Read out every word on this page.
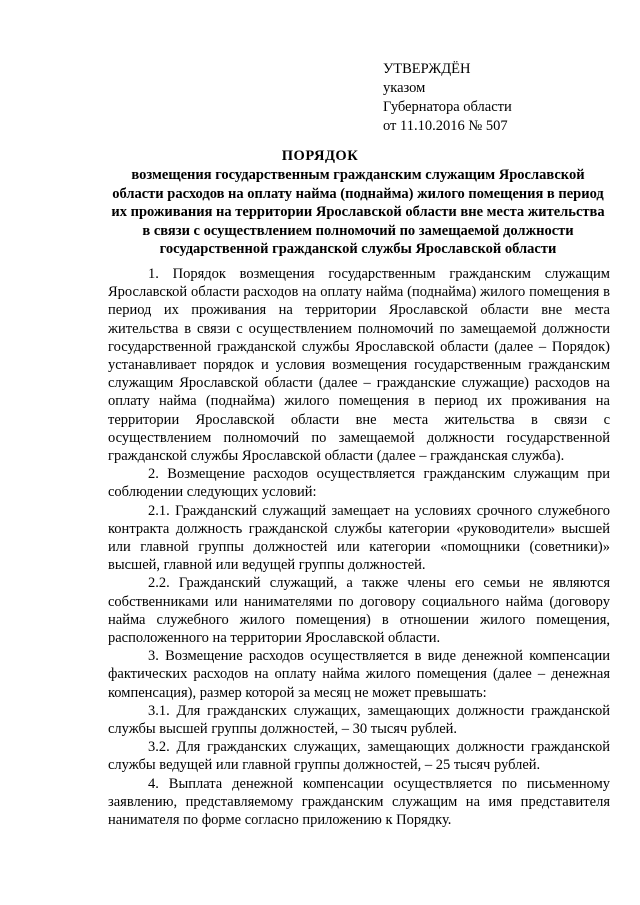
УТВЕРЖДЁН
указом
Губернатора области
от 11.10.2016 № 507
ПОРЯДОК
возмещения государственным гражданским служащим Ярославской области расходов на оплату найма (поднайма) жилого помещения в период их проживания на территории Ярославской области вне места жительства в связи с осуществлением полномочий по замещаемой должности государственной гражданской службы Ярославской области

1. Порядок возмещения государственным гражданским служащим Ярославской области расходов на оплату найма (поднайма) жилого помещения в период их проживания на территории Ярославской области вне места жительства в связи с осуществлением полномочий по замещаемой должности государственной гражданской службы Ярославской области (далее – Порядок) устанавливает порядок и условия возмещения государственным гражданским служащим Ярославской области (далее – гражданские служащие) расходов на оплату найма (поднайма) жилого помещения в период их проживания на территории Ярославской области вне места жительства в связи с осуществлением полномочий по замещаемой должности государственной гражданской службы Ярославской области (далее – гражданская служба).

2. Возмещение расходов осуществляется гражданским служащим при соблюдении следующих условий:

2.1. Гражданский служащий замещает на условиях срочного служебного контракта должность гражданской службы категории «руководители» высшей или главной группы должностей или категории «помощники (советники)» высшей, главной или ведущей группы должностей.

2.2. Гражданский служащий, а также члены его семьи не являются собственниками или нанимателями по договору социального найма (договору найма служебного жилого помещения) в отношении жилого помещения, расположенного на территории Ярославской области.

3. Возмещение расходов осуществляется в виде денежной компенсации фактических расходов на оплату найма жилого помещения (далее – денежная компенсация), размер которой за месяц не может превышать:

3.1. Для гражданских служащих, замещающих должности гражданской службы высшей группы должностей, – 30 тысяч рублей.

3.2. Для гражданских служащих, замещающих должности гражданской службы ведущей или главной группы должностей, – 25 тысяч рублей.

4. Выплата денежной компенсации осуществляется по письменному заявлению, представляемому гражданским служащим на имя представителя нанимателя по форме согласно приложению к Порядку.
